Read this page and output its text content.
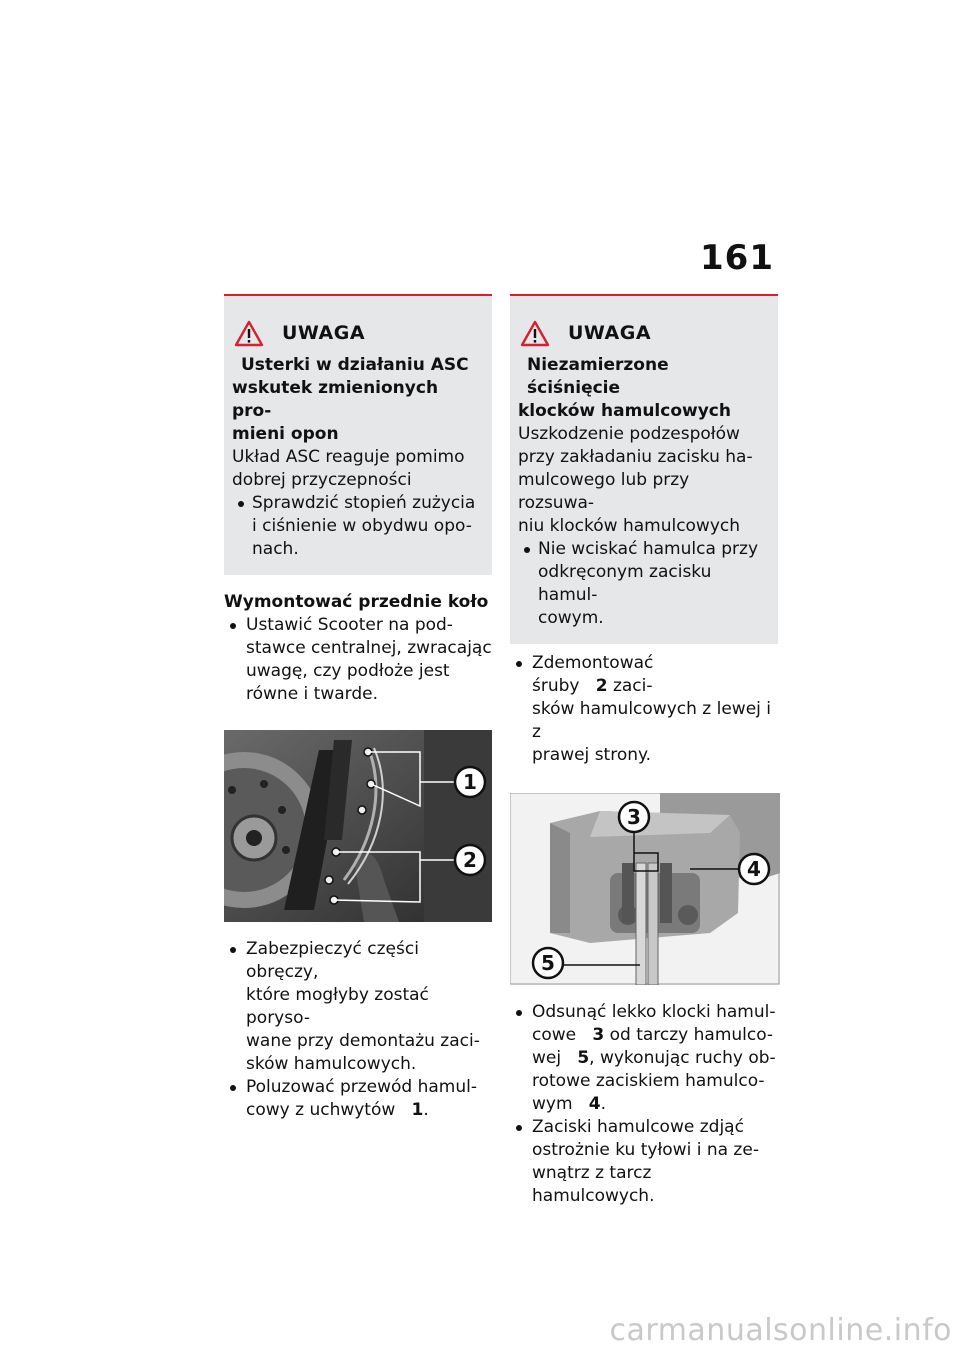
161
UWAGA
Usterki w działaniu ASC
wskutek zmienionych pro-
mieni opon
Układ ASC reaguje pomimo
dobrej przyczepności
Sprawdzić stopień zużycia
i ciśnienie w obydwu opo-
nach.
Wymontować przednie koło
Ustawić Scooter na pod-
stawce centralnej, zwracając
uwagę, czy podłoże jest
równe i twarde.
1
2
Zabezpieczyć części obręczy,
które mogłyby zostać poryso-
wane przy demontażu zaci-
sków hamulcowych.
Poluzować przewód hamul-
cowy z uchwytów 1.
UWAGA
Niezamierzone ściśnięcie
klocków hamulcowych
Uszkodzenie podzespołów
przy zakładaniu zacisku ha-
mulcowego lub przy rozsuwa-
niu klocków hamulcowych
Nie wciskać hamulca przy
odkręconym zacisku hamul-
cowym.
Zdemontować śruby 2 zaci-
sków hamulcowych z lewej i z
prawej strony.
3
4
5
Odsunąć lekko klocki hamul-
cowe 3 od tarczy hamulco-
wej 5, wykonując ruchy ob-
rotowe zaciskiem hamulco-
wym 4.
Zaciski hamulcowe zdjąć
ostrożnie ku tyłowi i na ze-
wnątrz z tarcz hamulcowych.
carmanualsonline.info
